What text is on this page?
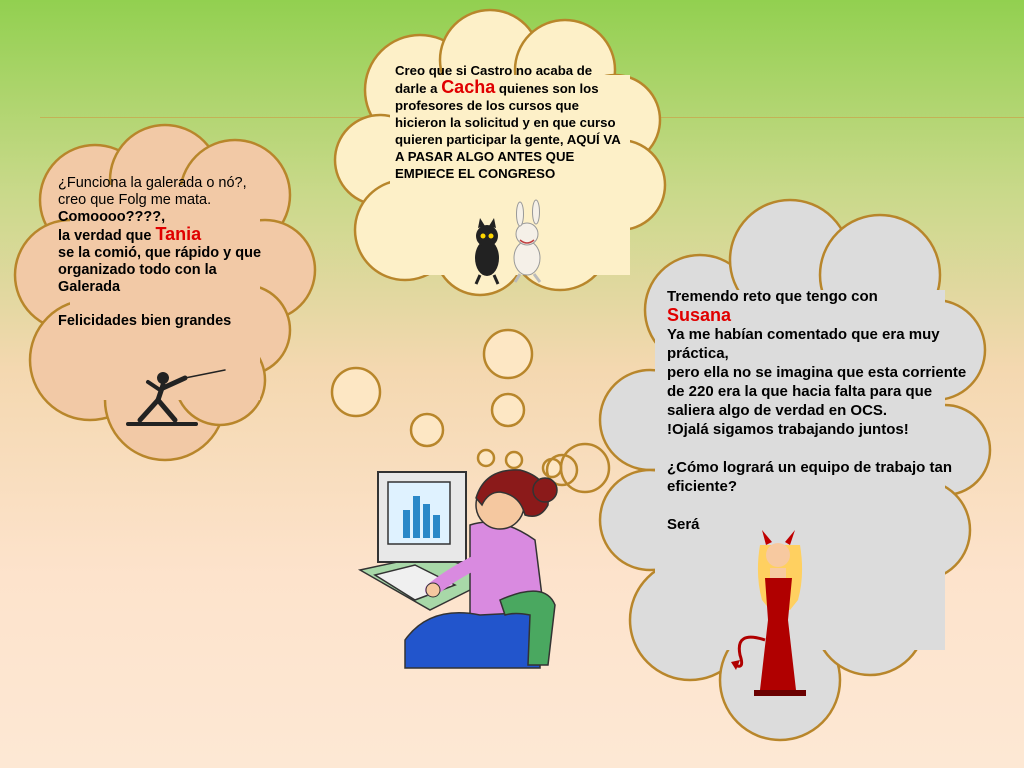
¿Funciona la galerada o nó?, creo que Folg me mata.
Comoooo????,
la verdad que Tania
se la comió, que rápido y que organizado todo con la Galerada
Felicidades bien grandes
Creo que si Castro no acaba de darle a Cacha quienes son los profesores de los cursos que hicieron la solicitud y en que curso quieren participar la gente, AQUÍ VA A PASAR ALGO ANTES QUE EMPIECE EL CONGRESO
Tremendo reto que tengo con
Susana
Ya me habían comentado que era muy práctica,
pero ella no se imagina que esta corriente de 220 era la que hacia falta para que saliera algo de verdad en OCS.
!Ojalá sigamos trabajando juntos!
¿Cómo logrará un equipo de trabajo tan eficiente?
Será
